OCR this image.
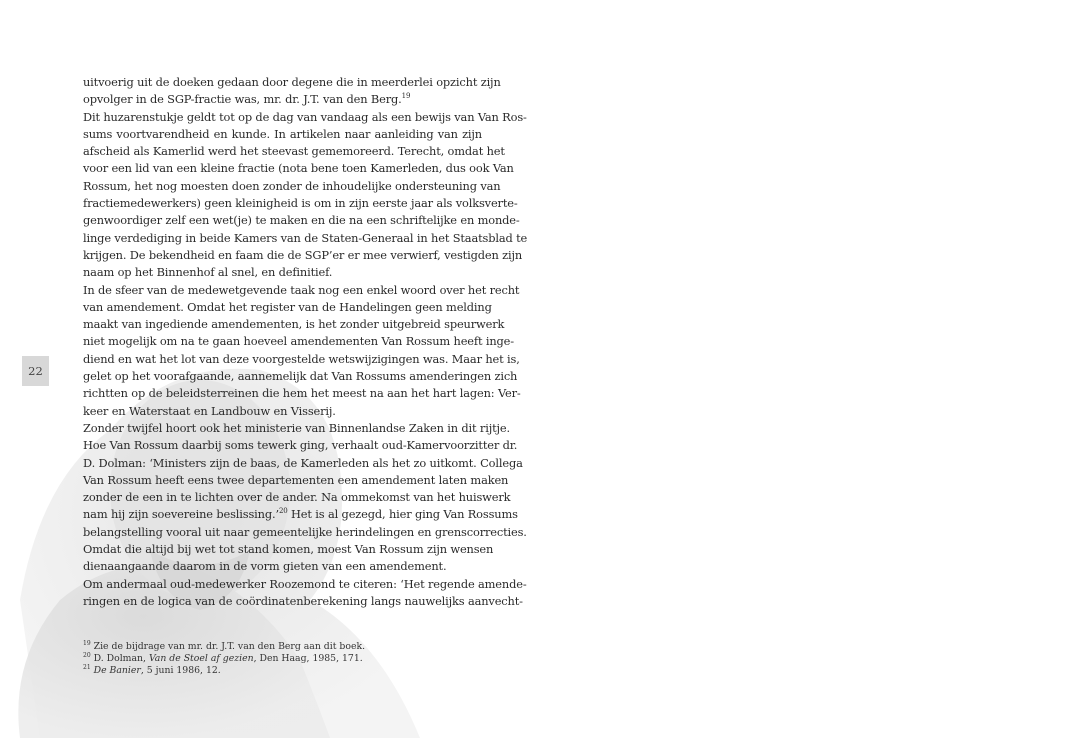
22
uitvoerig uit de doeken gedaan door degene die in meerderlei opzicht zijn
opvolger in de SGP-fractie was, mr. dr. J.T. van den Berg.$^{19}$
Dit huzarenstukje geldt tot op de dag van vandaag als een bewijs van Van Ros-
sums voortvarendheid en kunde. In artikelen naar aanleiding van zijn
afscheid als Kamerlid werd het steevast gememoreerd. Terecht, omdat het
voor een lid van een kleine fractie (nota bene toen Kamerleden, dus ook Van
Rossum, het nog moesten doen zonder de inhoudelijke ondersteuning van
fractiemedewerkers) geen kleinigheid is om in zijn eerste jaar als volksverte-
genwoordiger zelf een wet(je) te maken en die na een schriftelijke en monde-
linge verdediging in beide Kamers van de Staten-Generaal in het Staatsblad te
krijgen. De bekendheid en faam die de SGP’er er mee verwierf, vestigden zijn
naam op het Binnenhof al snel, en definitief.
In de sfeer van de medewetgevende taak nog een enkel woord over het recht
van amendement. Omdat het register van de Handelingen geen melding
maakt van ingediende amendementen, is het zonder uitgebreid speurwerk
niet mogelijk om na te gaan hoeveel amendementen Van Rossum heeft inge-
diend en wat het lot van deze voorgestelde wetswijzigingen was. Maar het is,
gelet op het voorafgaande, aannemelijk dat Van Rossums amenderingen zich
richtten op de beleidsterreinen die hem het meest na aan het hart lagen: Ver-
keer en Waterstaat en Landbouw en Visserij.
Zonder twijfel hoort ook het ministerie van Binnenlandse Zaken in dit rijtje.
Hoe Van Rossum daarbij soms tewerk ging, verhaalt oud-Kamervoorzitter dr.
D. Dolman: ‘Ministers zijn de baas, de Kamerleden als het zo uitkomt. Collega
Van Rossum heeft eens twee departementen een amendement laten maken
zonder de een in te lichten over de ander. Na ommekomst van het huiswerk
nam hij zijn soevereine beslissing.’$^{20}$ Het is al gezegd, hier ging Van Rossums
belangstelling vooral uit naar gemeentelijke herindelingen en grenscorrecties.
Omdat die altijd bij wet tot stand komen, moest Van Rossum zijn wensen
dienaangaande daarom in de vorm gieten van een amendement.
Om andermaal oud-medewerker Roozemond te citeren: ‘Het regende amende-
ringen en de logica van de coördinatenberekening langs nauwelijks aanvecht-
$^{19}$ Zie de bijdrage van mr. dr. J.T. van den Berg aan dit boek.
$^{20}$ D. Dolman, Van de Stoel af gezien, Den Haag, 1985, 171.
$^{21}$ De Banier, 5 juni 1986, 12.
